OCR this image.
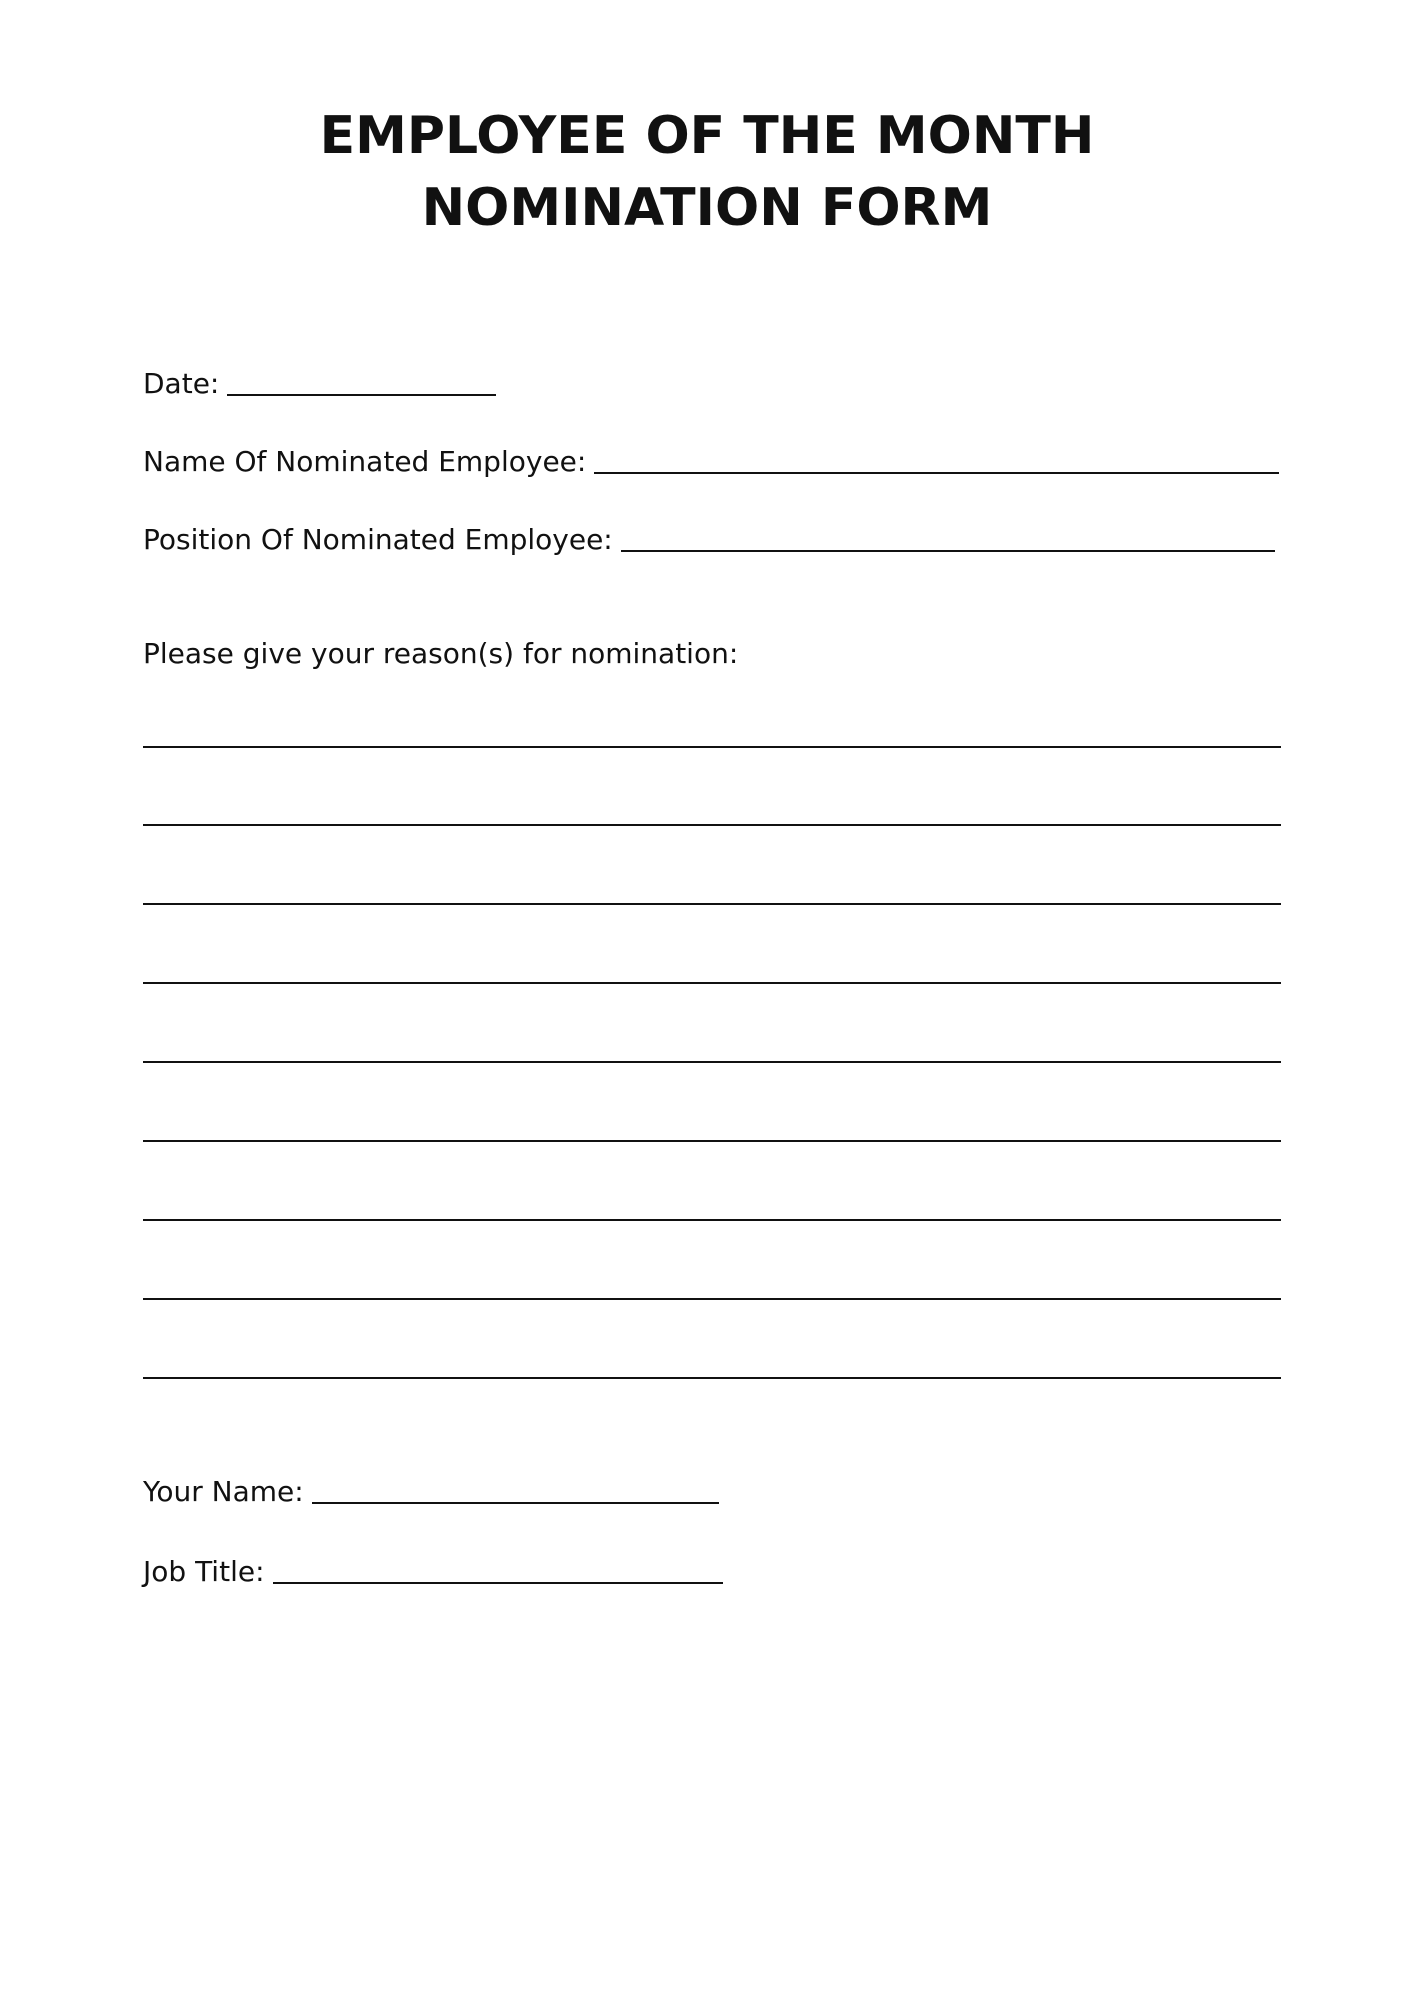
EMPLOYEE OF THE MONTH
NOMINATION FORM
Date:
Name Of Nominated Employee:
Position Of Nominated Employee:
Please give your reason(s) for nomination:
Your Name:
Job Title:
